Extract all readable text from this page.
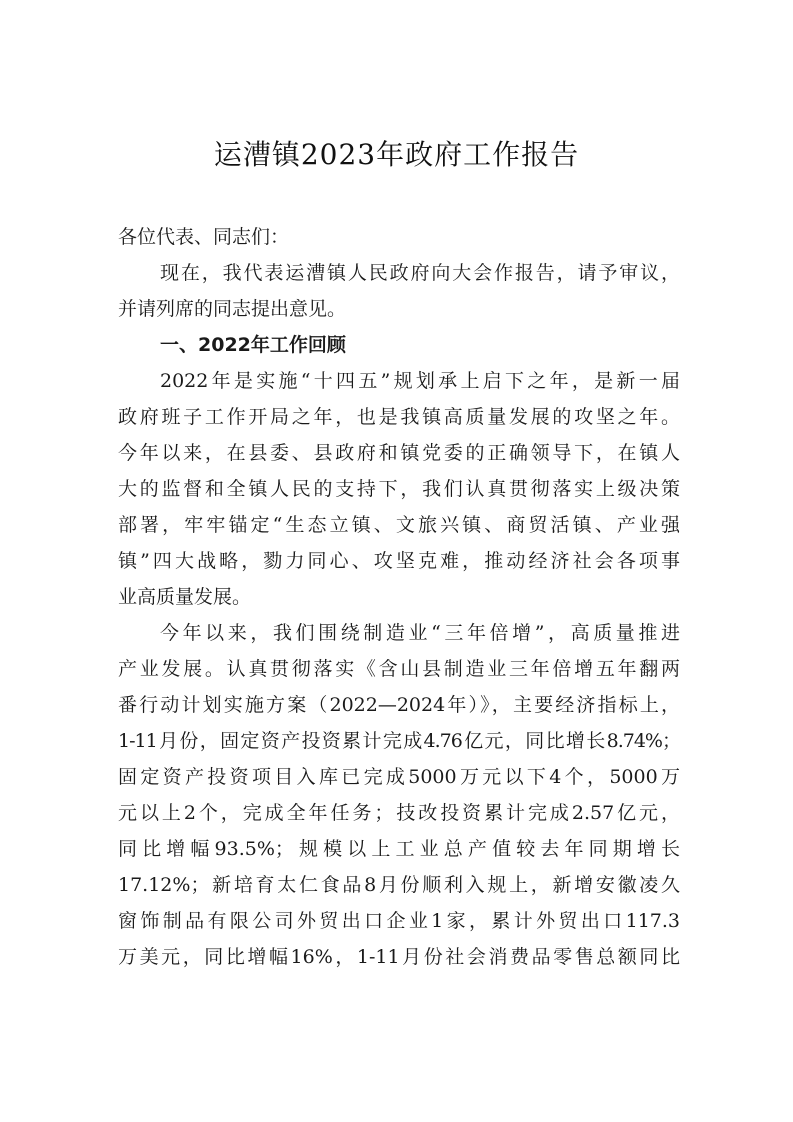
运漕镇2023年政府工作报告
各位代表、同志们：
现在，我代表运漕镇人民政府向大会作报告，请予审议，
并请列席的同志提出意见。
一、2022年工作回顾
2022年是实施“十四五”规划承上启下之年，是新一届
政府班子工作开局之年，也是我镇高质量发展的攻坚之年。
今年以来，在县委、县政府和镇党委的正确领导下，在镇人
大的监督和全镇人民的支持下，我们认真贯彻落实上级决策
部署，牢牢锚定“生态立镇、文旅兴镇、商贸活镇、产业强
镇”四大战略，勠力同心、攻坚克难，推动经济社会各项事
业高质量发展。
今年以来，我们围绕制造业“三年倍增”，高质量推进
产业发展。认真贯彻落实《含山县制造业三年倍增五年翻两
番行动计划实施方案（2022—2024年）》，主要经济指标上，
1-11月份，固定资产投资累计完成4.76亿元，同比增长8.74%；
固定资产投资项目入库已完成5000万元以下4个，5000万
元以上2个，完成全年任务；技改投资累计完成2.57亿元，
同比增幅93.5%；规模以上工业总产值较去年同期增长
17.12%；新培育太仁食品8月份顺利入规上，新增安徽凌久
窗饰制品有限公司外贸出口企业1家，累计外贸出口117.3
万美元，同比增幅16%，1-11月份社会消费品零售总额同比
